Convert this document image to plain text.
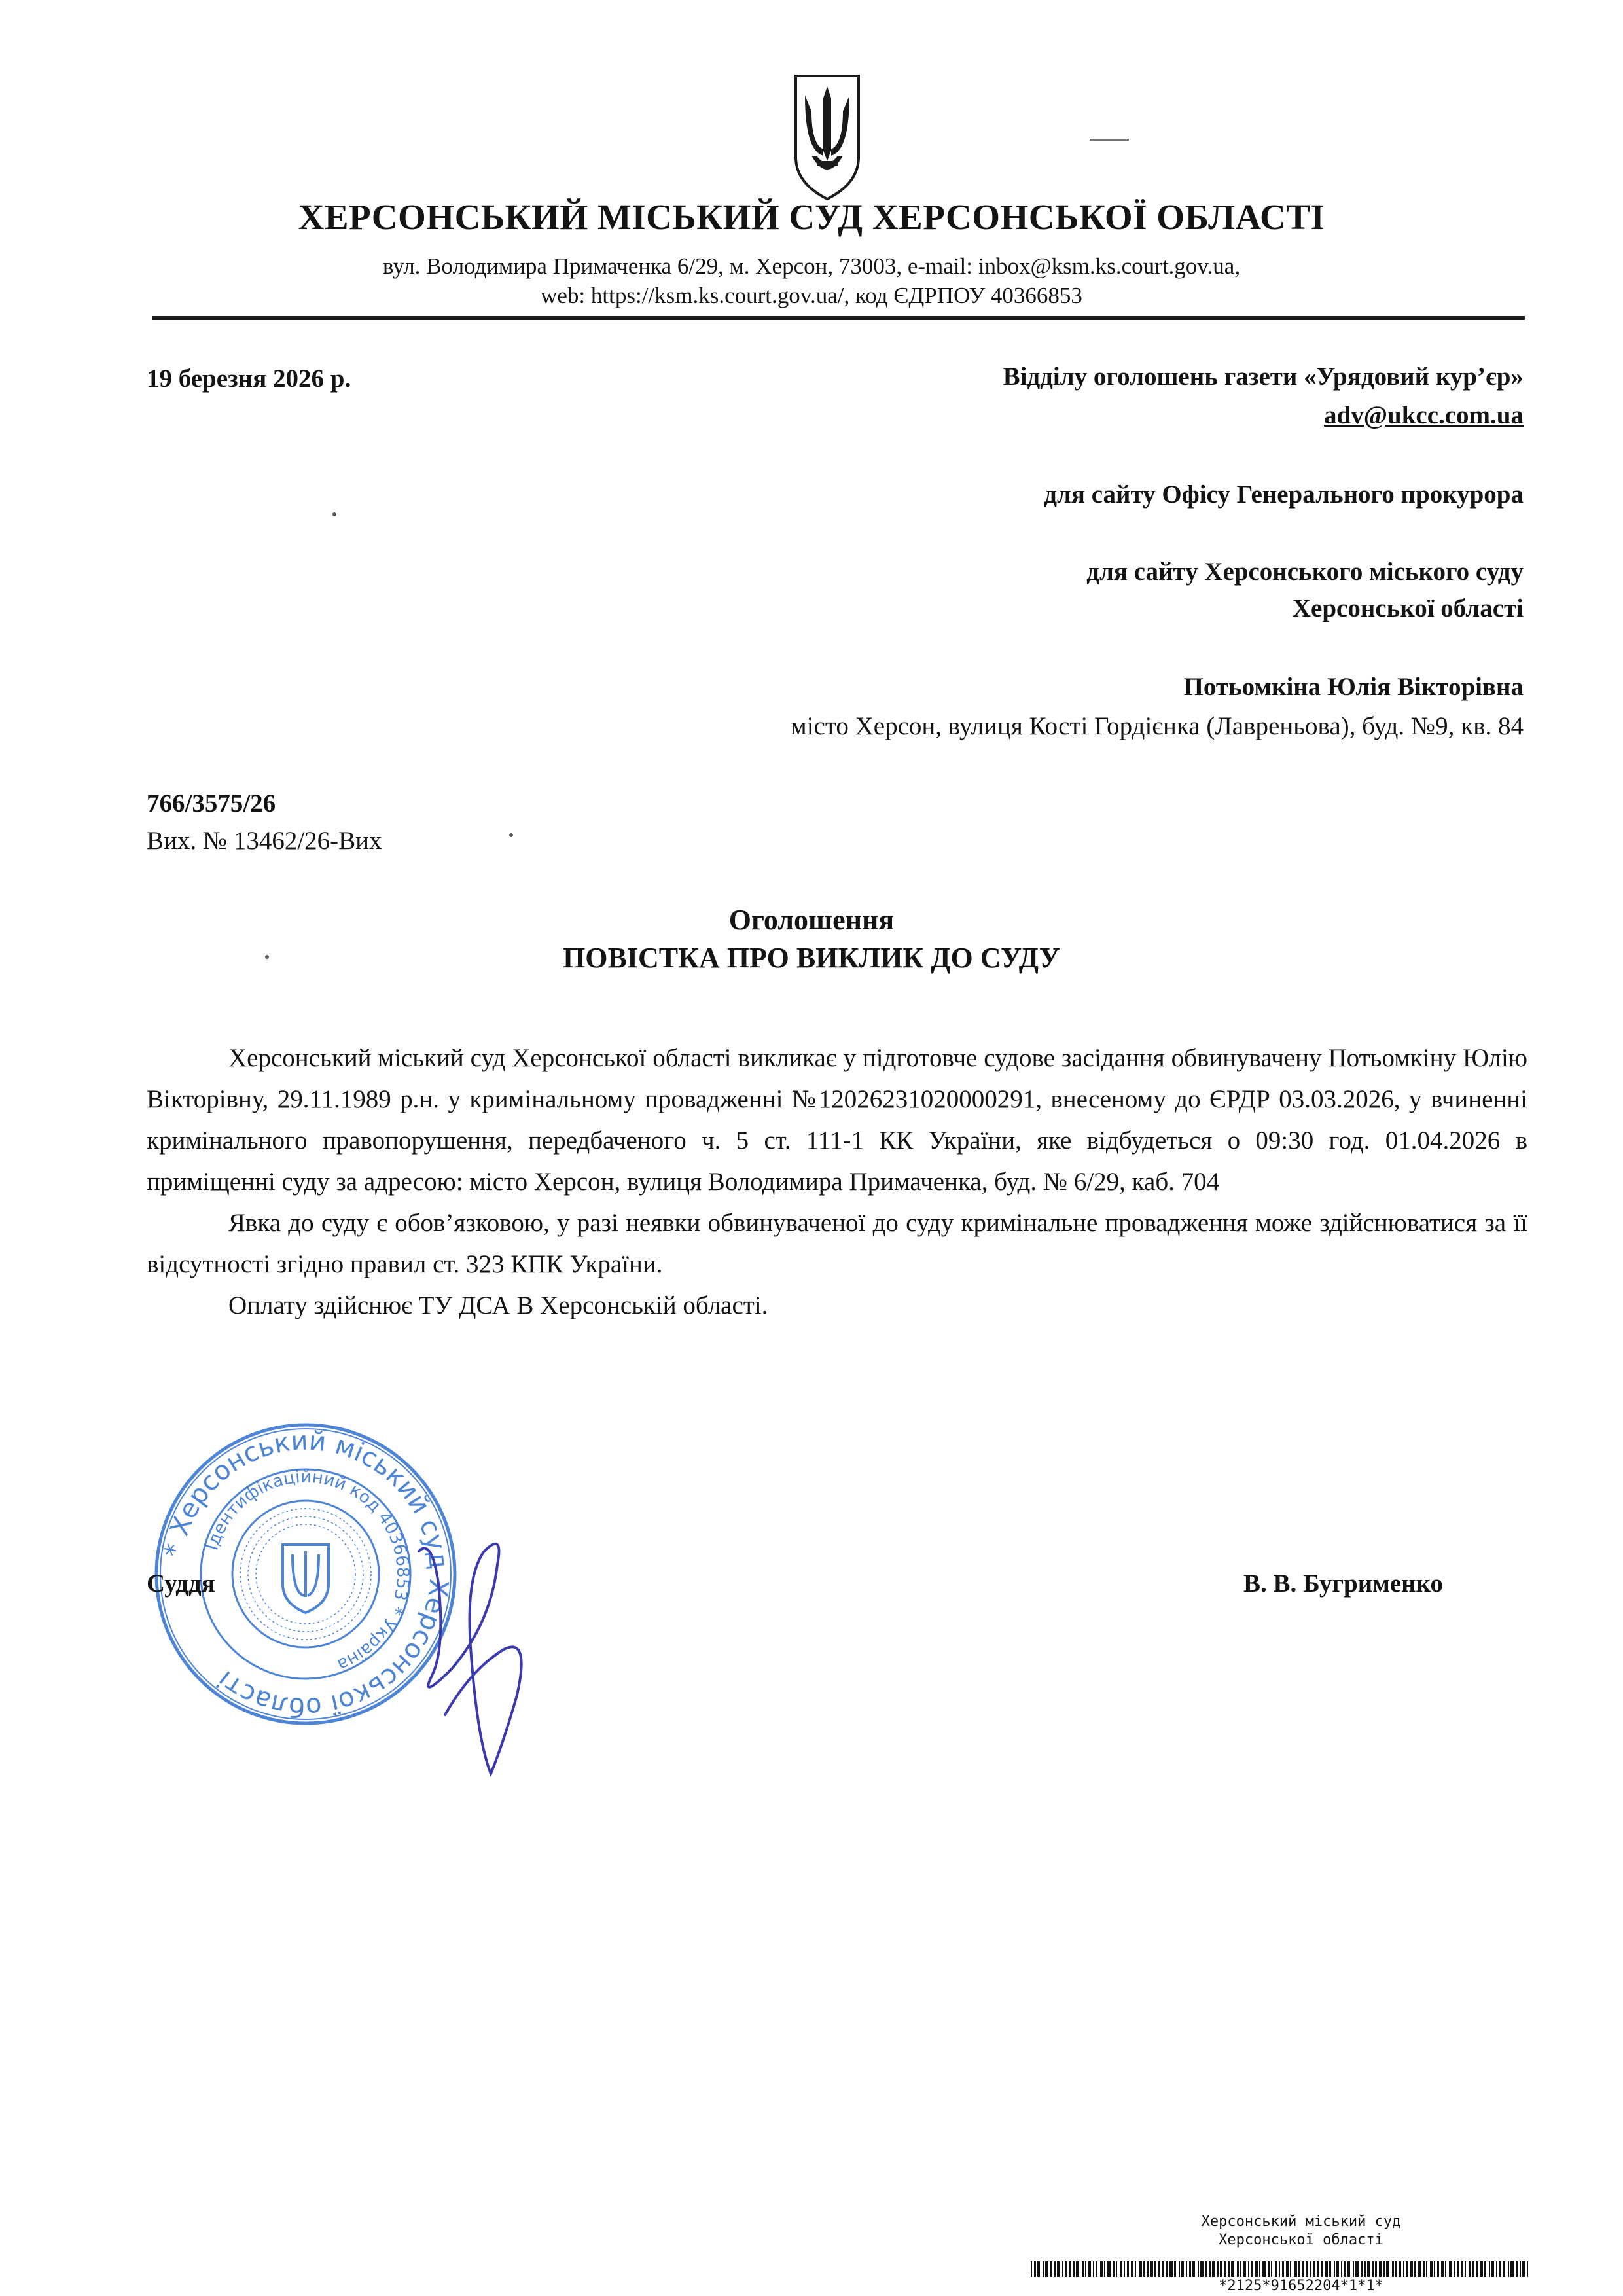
ХЕРСОНСЬКИЙ МІСЬКИЙ СУД ХЕРСОНСЬКОЇ ОБЛАСТІ
вул. Володимира Примаченка 6/29, м. Херсон, 73003, e-mail: inbox@ksm.ks.court.gov.ua,
web: https://ksm.ks.court.gov.ua/, код ЄДРПОУ 40366853
19 березня 2026 р.	Відділу оголошень газети «Урядовий кур’єр»
adv@ukcc.com.ua
для сайту Офісу Генерального прокурора
для сайту Херсонського міського суду
Херсонської області
Потьомкіна Юлія Вікторівна
місто Херсон, вулиця Кості Гордієнка (Лавреньова), буд. №9, кв. 84
766/3575/26
Вих. № 13462/26-Вих
Оголошення
ПОВІСТКА ПРО ВИКЛИК ДО СУДУ

Херсонський міський суд Херсонської області викликає у підготовче судове засідання обвинувачену Потьомкіну Юлію Вікторівну, 29.11.1989 р.н. у кримінальному провадженні №12026231020000291, внесеному до ЄРДР 03.03.2026, у вчиненні кримінального правопорушення, передбаченого ч. 5 ст. 111-1 КК України, яке відбудеться о 09:30 год. 01.04.2026 в приміщенні суду за адресою: місто Херсон, вулиця Володимира Примаченка, буд. № 6/29, каб. 704

Явка до суду є обов’язковою, у разі неявки обвинуваченої до суду кримінальне провадження може здійснюватися за її відсутності згідно правил ст. 323 КПК України.

Оплату здійснює ТУ ДСА В Херсонській області.

* Херсонський міський суд Херсонської області
Ідентифікаційний код 40366853 * Україна
Суддя	В. В. Бугрименко
Херсонський міський суд
Херсонської області
*2125*91652204*1*1*
